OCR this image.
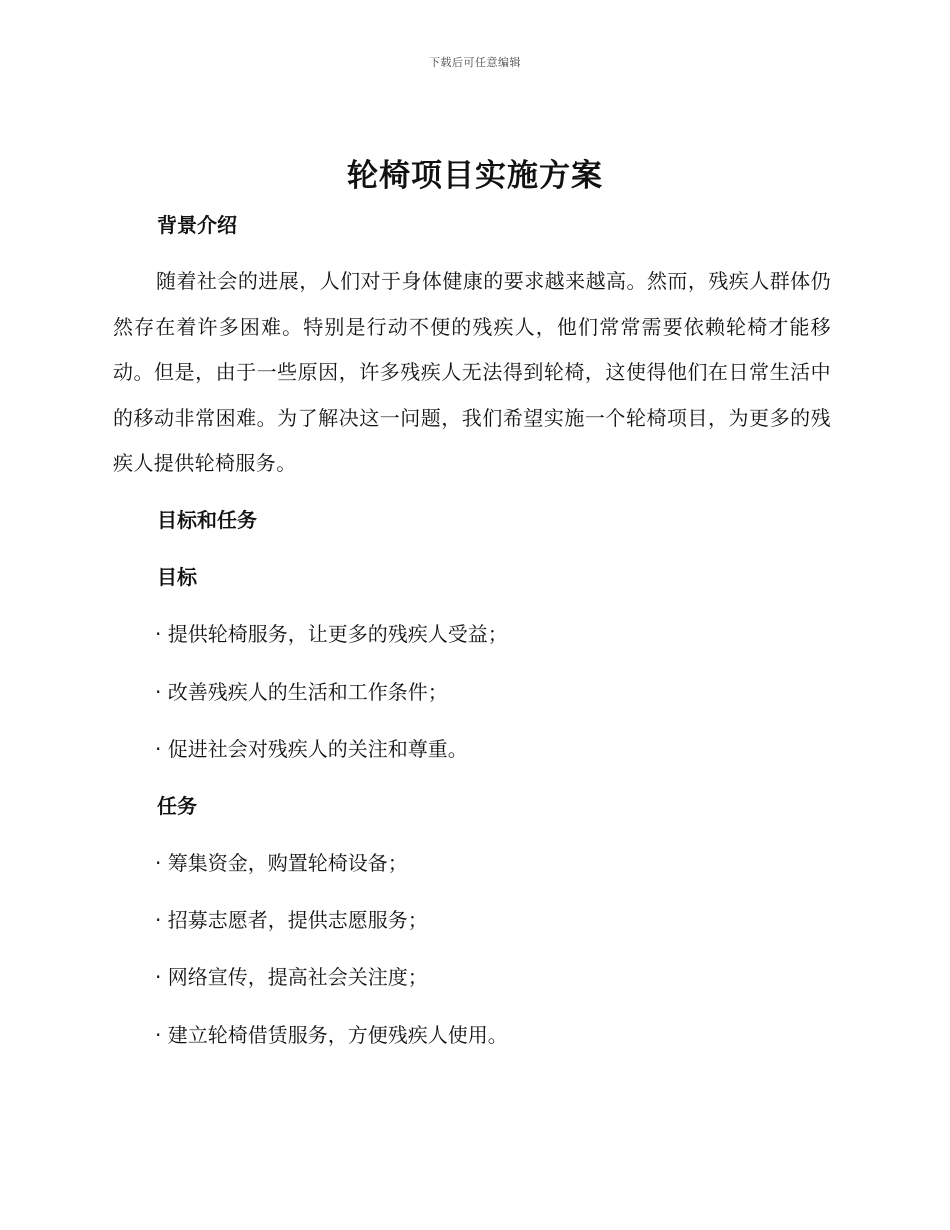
下载后可任意编辑
轮椅项目实施方案
背景介绍
随着社会的进展，人们对于身体健康的要求越来越高。然而，残疾人群体仍然存在着许多困难。特别是行动不便的残疾人，他们常常需要依赖轮椅才能移动。但是，由于一些原因，许多残疾人无法得到轮椅，这使得他们在日常生活中的移动非常困难。为了解决这一问题，我们希望实施一个轮椅项目，为更多的残疾人提供轮椅服务。
目标和任务
目标
· 提供轮椅服务，让更多的残疾人受益；
· 改善残疾人的生活和工作条件；
· 促进社会对残疾人的关注和尊重。
任务
· 筹集资金，购置轮椅设备；
· 招募志愿者，提供志愿服务；
· 网络宣传，提高社会关注度；
· 建立轮椅借赁服务，方便残疾人使用。
